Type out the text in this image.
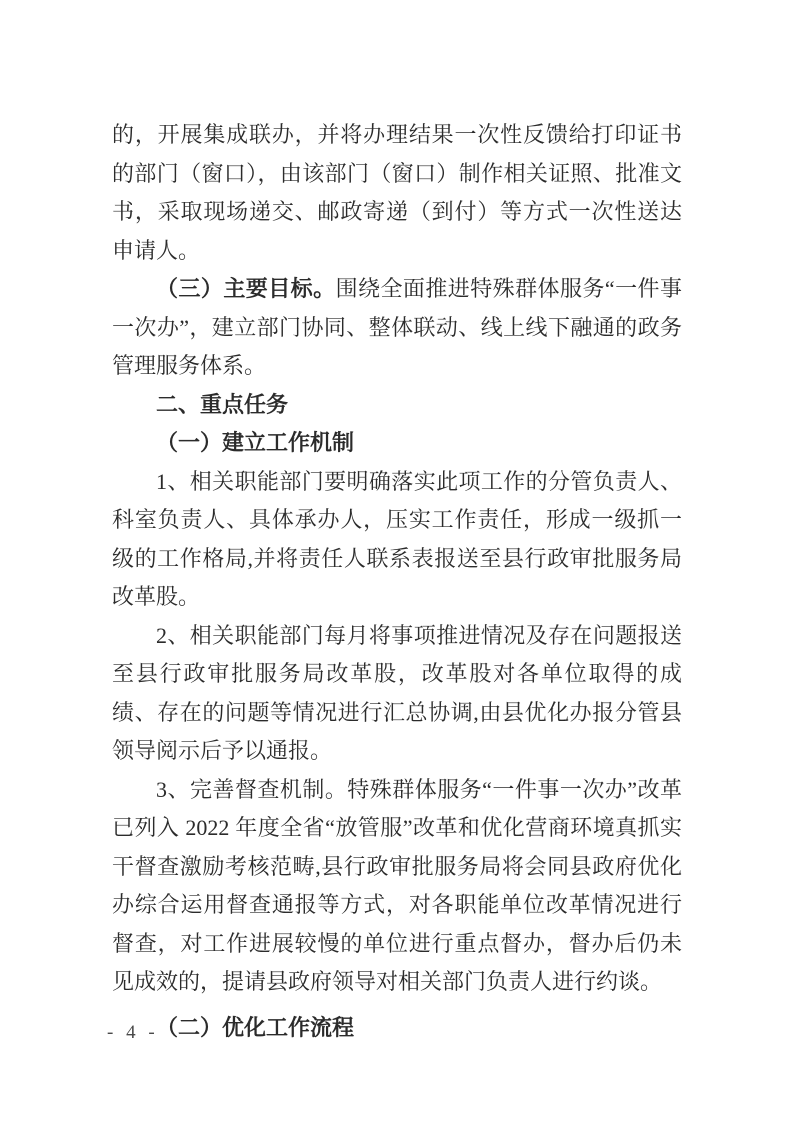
的，开展集成联办，并将办理结果一次性反馈给打印证书的部门（窗口），由该部门（窗口）制作相关证照、批准文书，采取现场递交、邮政寄递（到付）等方式一次性送达申请人。

（三）主要目标。围绕全面推进特殊群体服务“一件事一次办”，建立部门协同、整体联动、线上线下融通的政务管理服务体系。

二、重点任务

（一）建立工作机制

1、相关职能部门要明确落实此项工作的分管负责人、科室负责人、具体承办人，压实工作责任，形成一级抓一级的工作格局,并将责任人联系表报送至县行政审批服务局改革股。

2、相关职能部门每月将事项推进情况及存在问题报送至县行政审批服务局改革股，改革股对各单位取得的成绩、存在的问题等情况进行汇总协调,由县优化办报分管县领导阅示后予以通报。

3、完善督查机制。特殊群体服务“一件事一次办”改革已列入 2022 年度全省“放管服”改革和优化营商环境真抓实干督查激励考核范畴,县行政审批服务局将会同县政府优化办综合运用督查通报等方式，对各职能单位改革情况进行督查，对工作进展较慢的单位进行重点督办，督办后仍未见成效的，提请县政府领导对相关部门负责人进行约谈。

（二）优化工作流程

- 4 -
